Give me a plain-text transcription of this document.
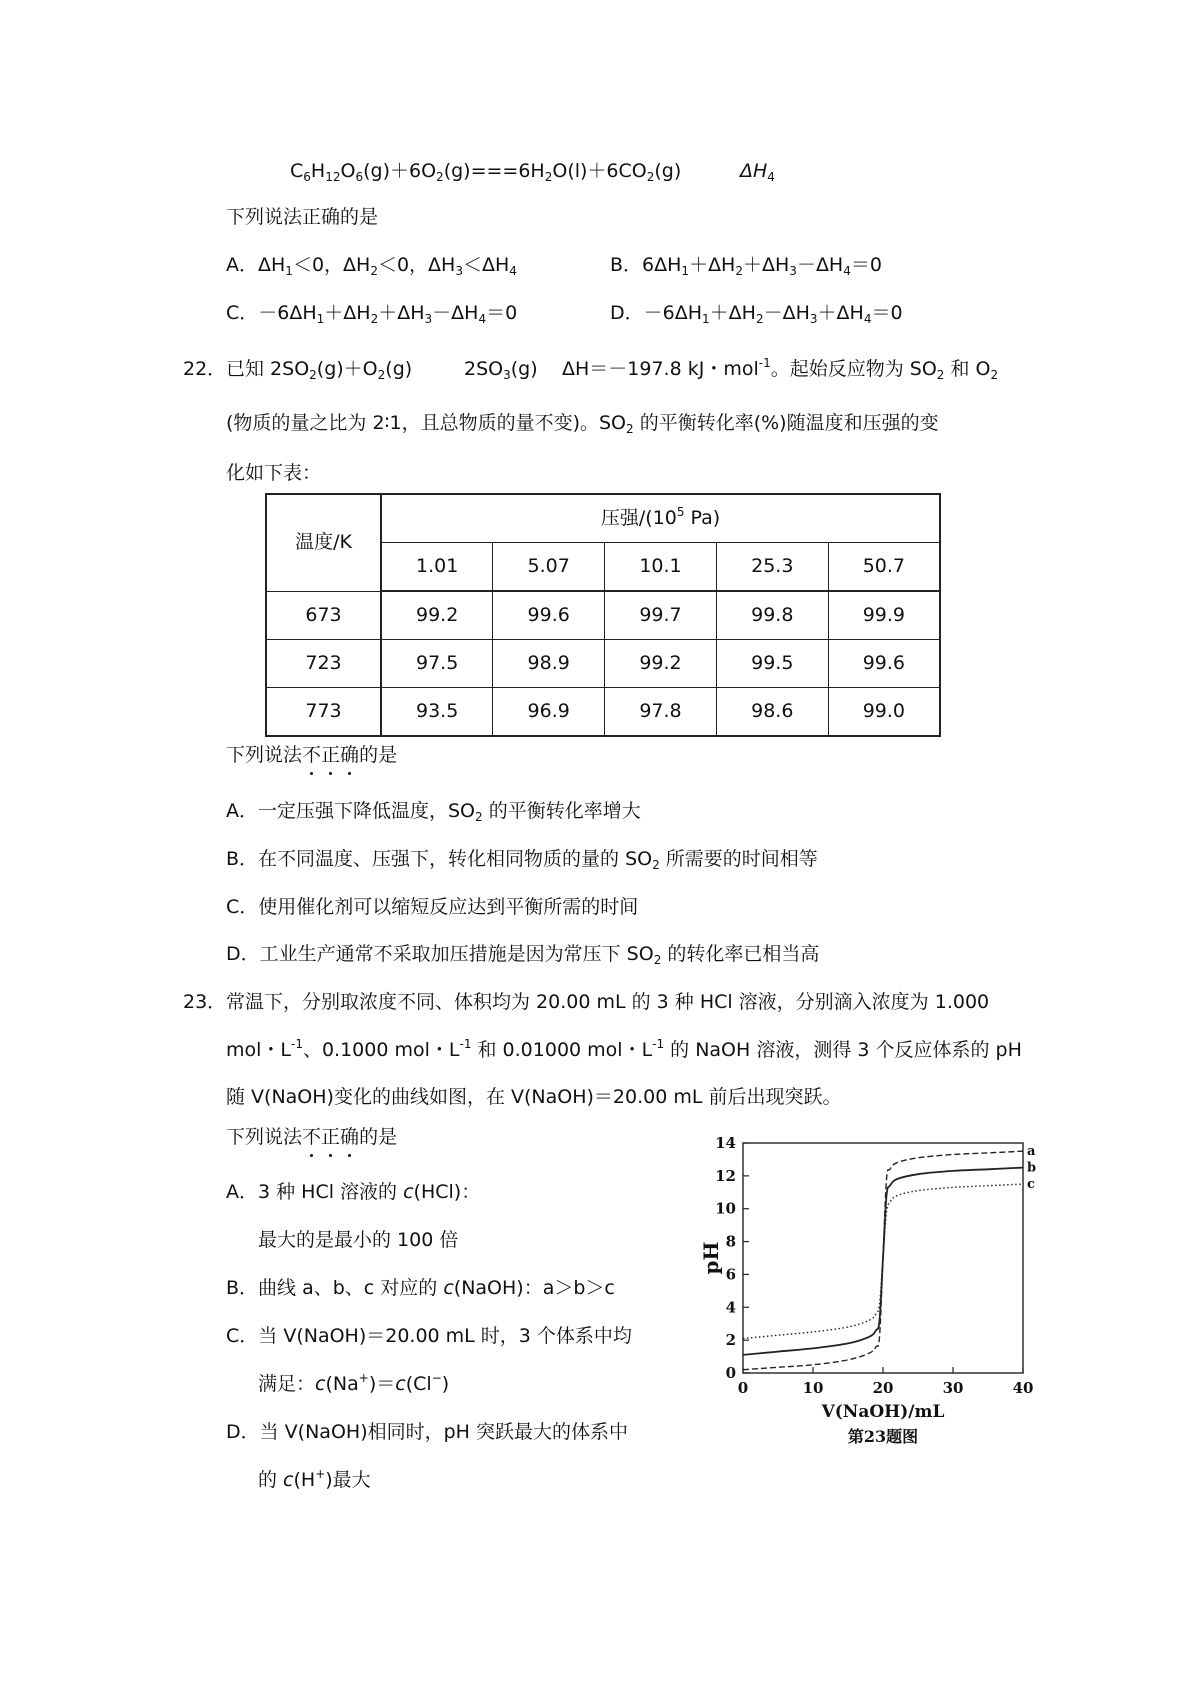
$C_6H_{12}O_6(g)+6O_2(g)===6H_2O(l)+6CO_2(g)$	$\Delta H_4$
下列说法正确的是
A．$\Delta H_1<0$，$\Delta H_2<0$，$\Delta H_3<\Delta H_4$	B．$6\Delta H_1+\Delta H_2+\Delta H_3-\Delta H_4=0$
C．$-6\Delta H_1+\Delta H_2+\Delta H_3-\Delta H_4=0$	D．$-6\Delta H_1+\Delta H_2-\Delta H_3+\Delta H_4=0$
22． 已知 $2SO_2(g)+O_2(g)$	$2SO_3(g)$ ΔH＝－197.8 kJ・mol$^{-1}$。起始反应物为 $SO_2$ 和 $O_2$
(物质的量之比为 2∶1，且总物质的量不变)。$SO_2$ 的平衡转化率(%)随温度和压强的变
化如下表：
温度/K	压强$/(10^5$ Pa)				
	1.01	5.07	10.1	25.3	50.7
673	99.2	99.6	99.7	99.8	99.9
723	97.5	98.9	99.2	99.5	99.6
773	93.5	96.9	97.8	98.6	99.0
下列说法不正确的是
A．一定压强下降低温度，$SO_2$ 的平衡转化率增大
B．在不同温度、压强下，转化相同物质的量的 $SO_2$ 所需要的时间相等
C．使用催化剂可以缩短反应达到平衡所需的时间
D．工业生产通常不采取加压措施是因为常压下 $SO_2$ 的转化率已相当高
23． 常温下，分别取浓度不同、体积均为 20.00 mL 的 3 种 HCl 溶液，分别滴入浓度为 1.000
mol・$L^{-1}$、0.1000 mol・$L^{-1}$ 和 0.01000 mol・$L^{-1}$ 的 NaOH 溶液，测得 3 个反应体系的 pH
随 V(NaOH)变化的曲线如图，在 V(NaOH)＝20.00 mL 前后出现突跃。
下列说法不正确的是
A．3 种 HCl 溶液的 c(HCl)：
最大的是最小的 100 倍
B．曲线 a、b、c 对应的 c(NaOH)：a＞b＞c
C．当 V(NaOH)＝20.00 mL 时，3 个体系中均
满足：c(Na+)＝c(Cl−)
D．当 V(NaOH)相同时，pH 突跃最大的体系中
的 c(H+)最大
0	10	20	30	40
0
2
4
6
8
10
12
14	a
b
c
pH
V(NaOH)/mL
第23题图
